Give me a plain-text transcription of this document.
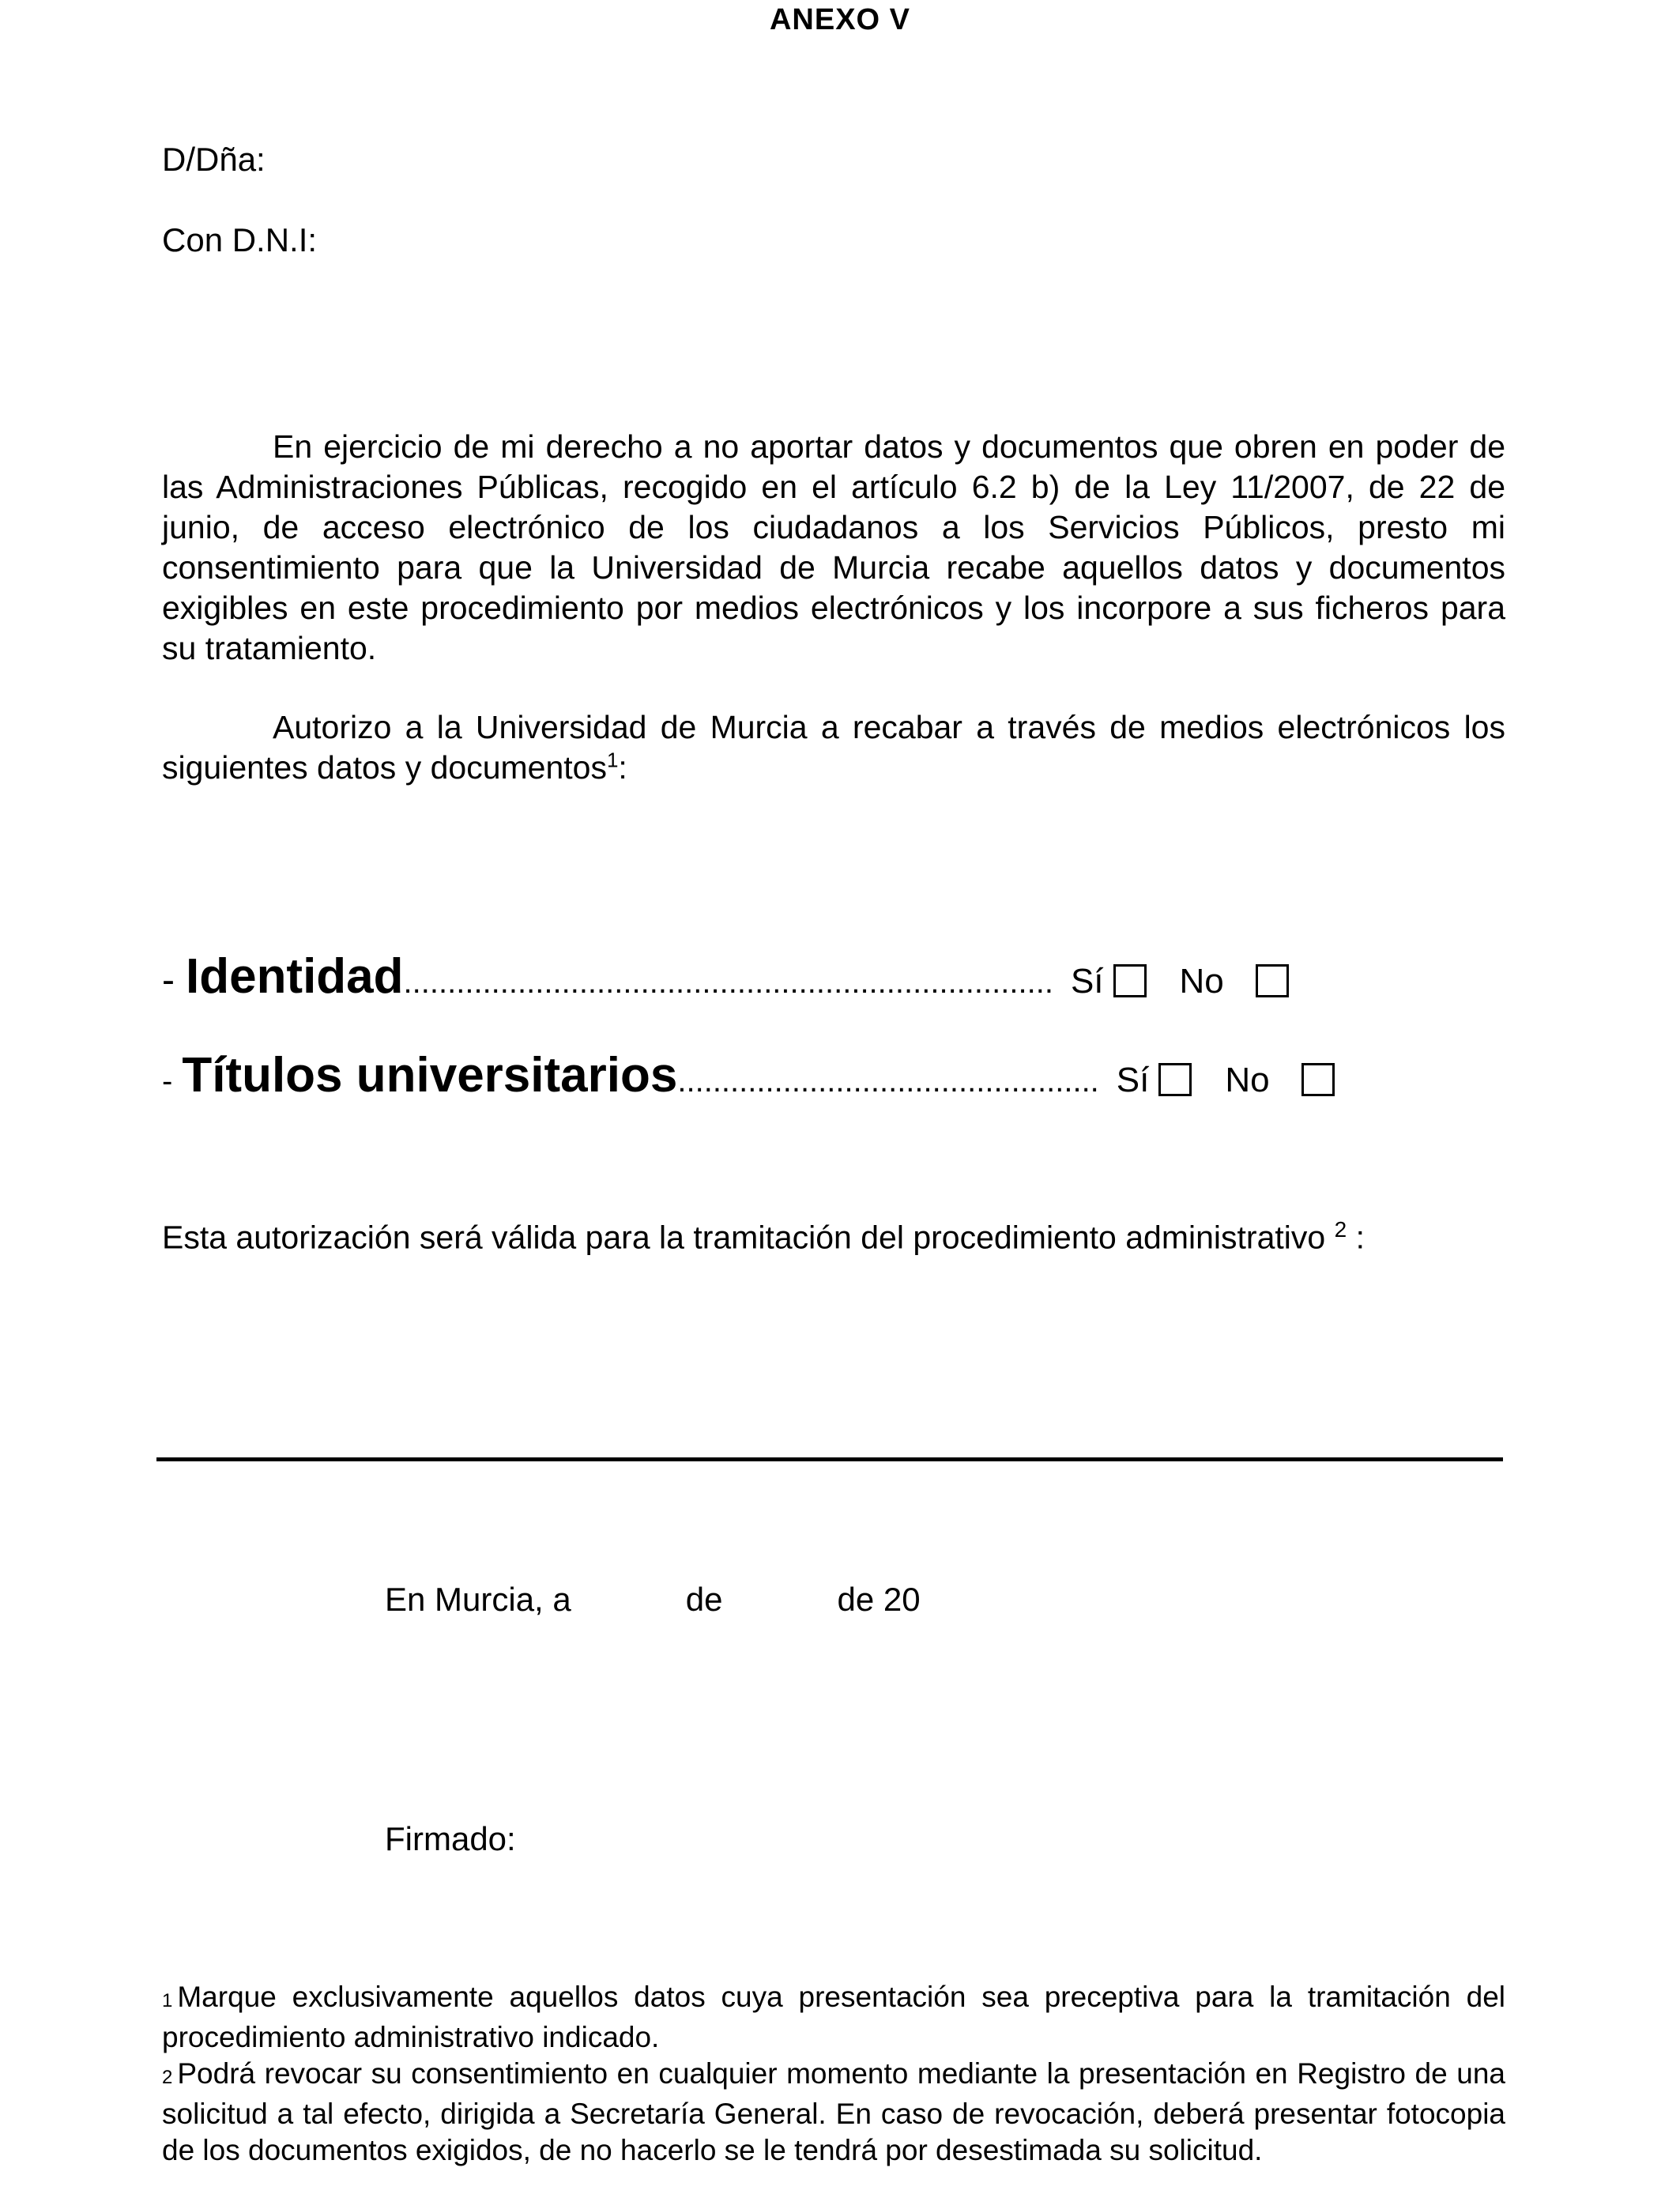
ANEXO V
D/Dña:
Con D.N.I:
En ejercicio de mi derecho a no aportar datos y documentos que obren en poder de las Administraciones Públicas, recogido en el artículo 6.2 b) de la Ley 11/2007, de 22 de junio, de acceso electrónico de los ciudadanos a los Servicios Públicos, presto mi consentimiento para que la Universidad de Murcia recabe aquellos datos y documentos exigibles en este procedimiento por medios electrónicos y los incorpore a sus ficheros para su tratamiento.
Autorizo a la Universidad de Murcia a recabar a través de medios electrónicos los siguientes datos y documentos$^1$:
- Identidad .......................................................................... Sí	No
- Títulos universitarios ................................................ Sí	No
Esta autorización será válida para la tramitación del procedimiento administrativo $^2$ :
En Murcia, a	de	de 20
Firmado:

1 Marque exclusivamente aquellos datos cuya presentación sea preceptiva para la tramitación del procedimiento administrativo indicado.

2 Podrá revocar su consentimiento en cualquier momento mediante la presentación en Registro de una solicitud a tal efecto, dirigida a Secretaría General. En caso de revocación, deberá presentar fotocopia de los documentos exigidos, de no hacerlo se le tendrá por desestimada su solicitud.
